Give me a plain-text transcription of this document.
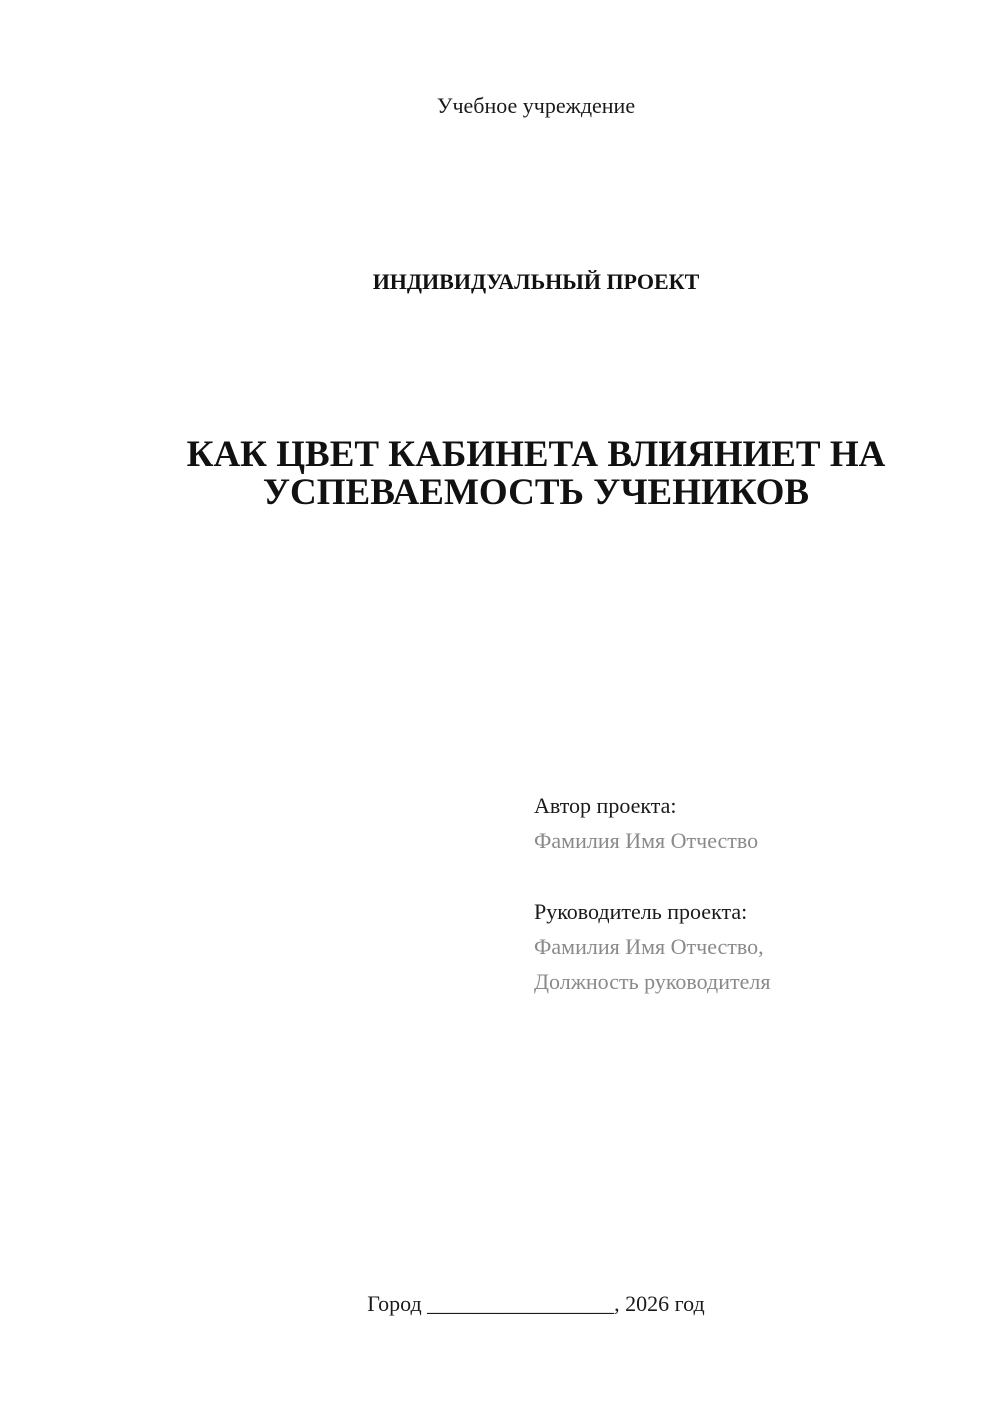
Учебное учреждение
ИНДИВИДУАЛЬНЫЙ ПРОЕКТ
КАК ЦВЕТ КАБИНЕТА ВЛИЯНИЕТ НА
УСПЕВАЕМОСТЬ УЧЕНИКОВ
Автор проекта:
Фамилия Имя Отчество
Руководитель проекта:
Фамилия Имя Отчество,
Должность руководителя
Город _________________, 2026 год
